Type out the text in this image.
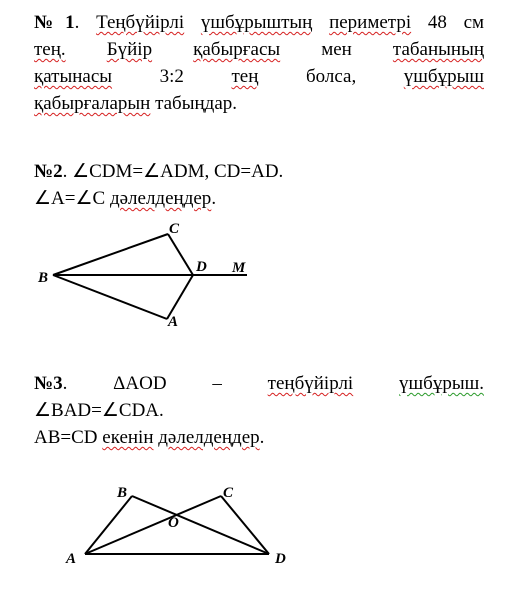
№1. Теңбүйірлі үшбұрыштың периметрі 48 см
тең. Бүйір қабырғасы мен табанының
қатынасы 3:2 тең болса, үшбұрыш
қабырғаларын табыңдар.
№2. ∠CDM=∠ADM, CD=AD.
∠A=∠C дәлелдеңдер.
B
C
D M
A
№3. ΔAOD – теңбүйірлі үшбұрыш.
∠BAD=∠CDA.
AB=CD екенін дәлелдеңдер.
B	C
O
A	D
